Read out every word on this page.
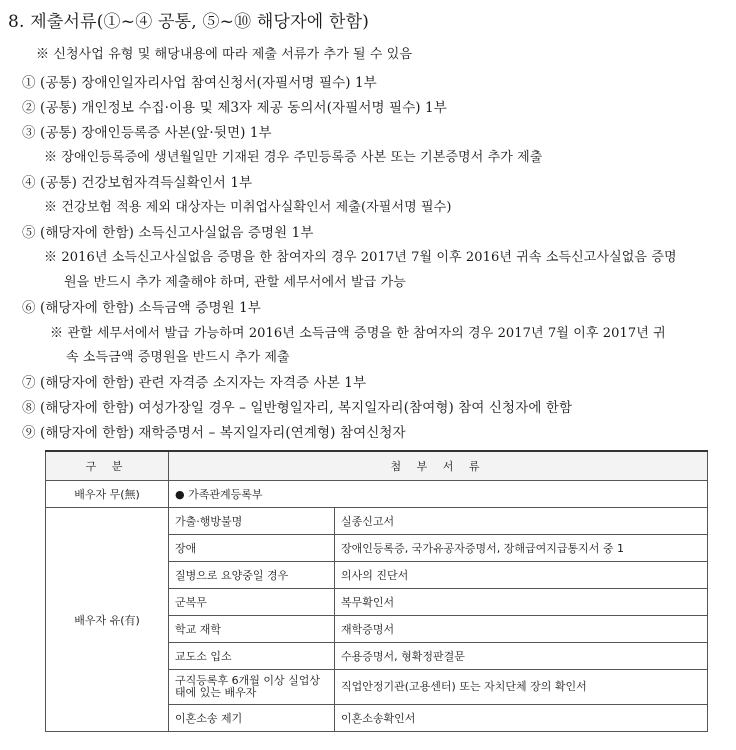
8. 제출서류(①~④ 공통, ⑤~⑩ 해당자에 한함)
※ 신청사업 유형 및 해당내용에 따라 제출 서류가 추가 될 수 있음
① (공통) 장애인일자리사업 참여신청서(자필서명 필수) 1부
② (공통) 개인정보 수집·이용 및 제3자 제공 동의서(자필서명 필수) 1부
③ (공통) 장애인등록증 사본(앞·뒷면) 1부
※ 장애인등록증에 생년월일만 기재된 경우 주민등록증 사본 또는 기본증명서 추가 제출
④ (공통) 건강보험자격득실확인서 1부
※ 건강보험 적용 제외 대상자는 미취업사실확인서 제출(자필서명 필수)
⑤ (해당자에 한함) 소득신고사실없음 증명원 1부
※ 2016년 소득신고사실없음 증명을 한 참여자의 경우 2017년 7월 이후 2016년 귀속 소득신고사실없음 증명
원을 반드시 추가 제출해야 하며, 관할 세무서에서 발급 가능
⑥ (해당자에 한함) 소득금액 증명원 1부
※ 관할 세무서에서 발급 가능하며 2016년 소득금액 증명을 한 참여자의 경우 2017년 7월 이후 2017년 귀
속 소득금액 증명원을 반드시 추가 제출
⑦ (해당자에 한함) 관련 자격증 소지자는 자격증 사본 1부
⑧ (해당자에 한함) 여성가장일 경우 – 일반형일자리, 복지일자리(참여형) 참여 신청자에 한함
⑨ (해당자에 한함) 재학증명서 – 복지일자리(연계형) 참여신청자
구 분	첨 부 서 류	
배우자 무(無)	● 가족관계등록부	
배우자 유(有)	가출·행방불명	실종신고서
	장애	장애인등록증, 국가유공자증명서, 장해급여지급통지서 중 1
	질병으로 요양중일 경우	의사의 진단서
	군복무	복무확인서
	학교 재학	재학증명서
	교도소 입소	수용증명서, 형확정판결문
	구직등록후 6개월 이상 실업상태에 있는 배우자	직업안정기관(고용센터) 또는 자치단체 장의 확인서
	이혼소송 제기	이혼소송확인서
